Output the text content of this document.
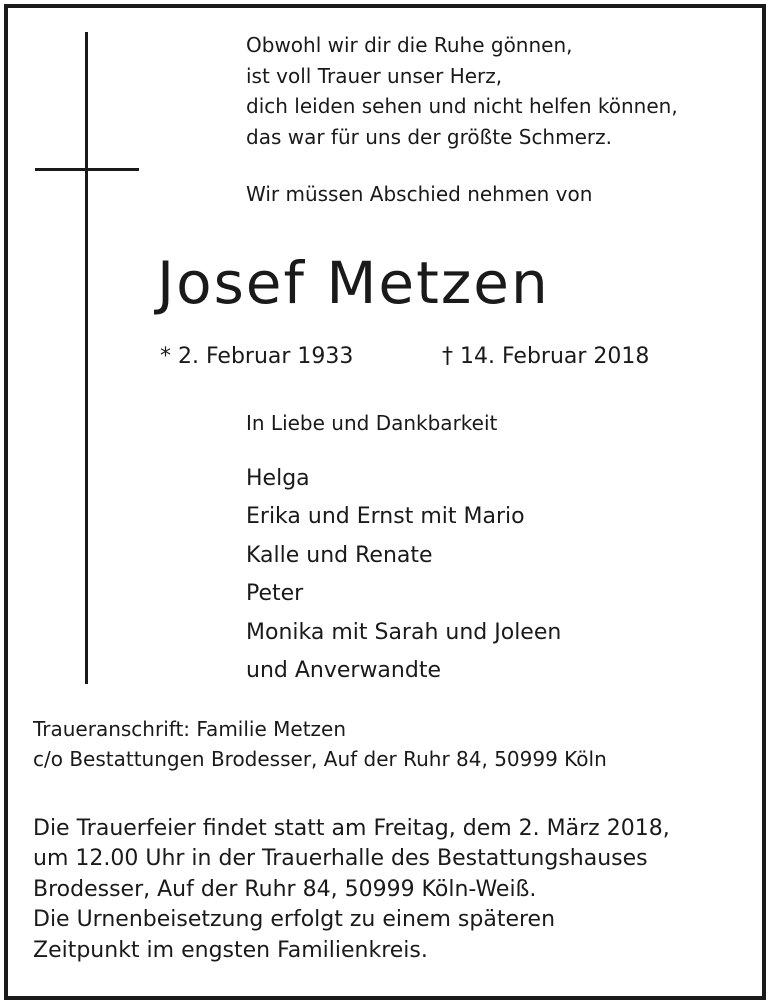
Obwohl wir dir die Ruhe gönnen,
ist voll Trauer unser Herz,
dich leiden sehen und nicht helfen können,
das war für uns der größte Schmerz.
Wir müssen Abschied nehmen von
Josef Metzen
* 2. Februar 1933	† 14. Februar 2018
In Liebe und Dankbarkeit
Helga
Erika und Ernst mit Mario
Kalle und Renate
Peter
Monika mit Sarah und Joleen
und Anverwandte
Traueranschrift: Familie Metzen
c/o Bestattungen Brodesser, Auf der Ruhr 84, 50999 Köln
Die Trauerfeier findet statt am Freitag, dem 2. März 2018,
um 12.00 Uhr in der Trauerhalle des Bestattungshauses
Brodesser, Auf der Ruhr 84, 50999 Köln-Weiß.
Die Urnenbeisetzung erfolgt zu einem späteren
Zeitpunkt im engsten Familienkreis.
